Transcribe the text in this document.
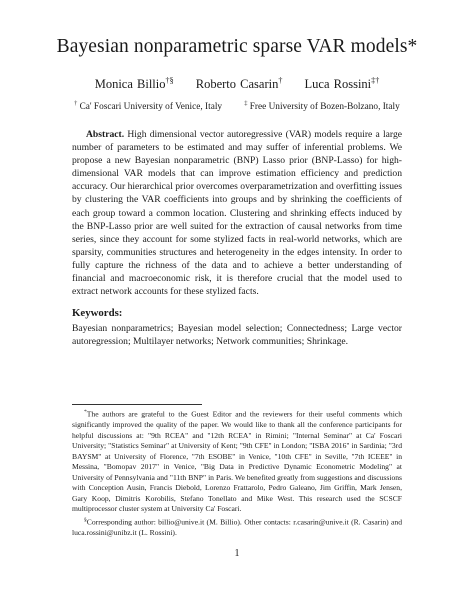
Bayesian nonparametric sparse VAR models*
Monica Billio†§ Roberto Casarin† Luca Rossini‡†
† Ca' Foscari University of Venice, Italy	‡ Free University of Bozen-Bolzano, Italy
Abstract. High dimensional vector autoregressive (VAR) models require a large number of parameters to be estimated and may suffer of inferential problems. We propose a new Bayesian nonparametric (BNP) Lasso prior (BNP-Lasso) for high-dimensional VAR models that can improve estimation efficiency and prediction accuracy. Our hierarchical prior overcomes overparametrization and overfitting issues by clustering the VAR coefficients into groups and by shrinking the coefficients of each group toward a common location. Clustering and shrinking effects induced by the BNP-Lasso prior are well suited for the extraction of causal networks from time series, since they account for some stylized facts in real-world networks, which are sparsity, communities structures and heterogeneity in the edges intensity. In order to fully capture the richness of the data and to achieve a better understanding of financial and macroeconomic risk, it is therefore crucial that the model used to extract network accounts for these stylized facts.
Keywords:
Bayesian nonparametrics; Bayesian model selection; Connectedness; Large vector autoregression; Multilayer networks; Network communities; Shrinkage.

*The authors are grateful to the Guest Editor and the reviewers for their useful comments which significantly improved the quality of the paper. We would like to thank all the conference participants for helpful discussions at: "9th RCEA" and "12th RCEA" in Rimini; "Internal Seminar" at Ca' Foscari University; "Statistics Seminar" at University of Kent; "9th CFE" in London; "ISBA 2016" in Sardinia; "3rd BAYSM" at University of Florence, "7th ESOBE" in Venice, "10th CFE" in Seville, "7th ICEEE" in Messina, "Bomopav 2017" in Venice, "Big Data in Predictive Dynamic Econometric Modeling" at University of Pennsylvania and "11th BNP" in Paris. We benefited greatly from suggestions and discussions with Conception Ausin, Francis Diebold, Lorenzo Frattarolo, Pedro Galeano, Jim Griffin, Mark Jensen, Gary Koop, Dimitris Korobilis, Stefano Tonellato and Mike West. This research used the SCSCF multiprocessor cluster system at University Ca' Foscari.

§Corresponding author: billio@unive.it (M. Billio). Other contacts: r.casarin@unive.it (R. Casarin) and luca.rossini@unibz.it (L. Rossini).

1
